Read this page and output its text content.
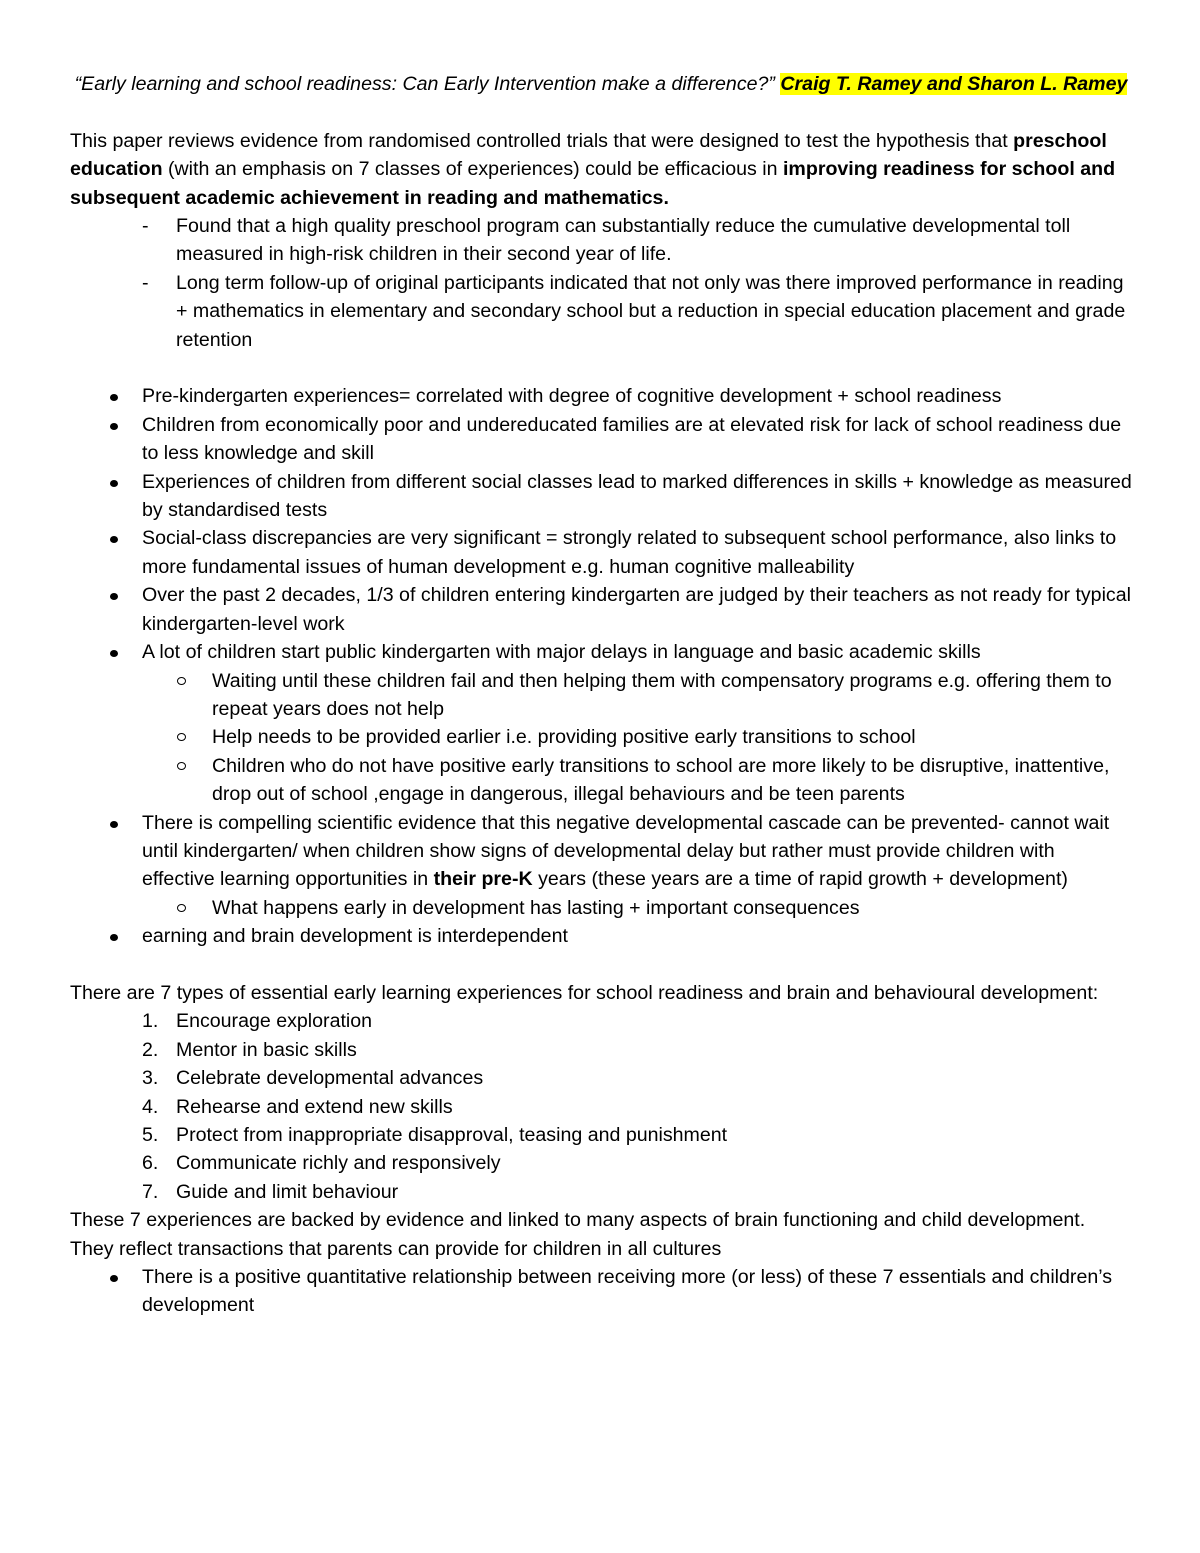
“Early learning and school readiness: Can Early Intervention make a difference?” Craig T. Ramey and Sharon L. Ramey

This paper reviews evidence from randomised controlled trials that were designed to test the hypothesis that preschool education (with an emphasis on 7 classes of experiences) could be efficacious in improving readiness for school and subsequent academic achievement in reading and mathematics.

- Found that a high quality preschool program can substantially reduce the cumulative developmental toll measured in high-risk children in their second year of life.
- Long term follow-up of original participants indicated that not only was there improved performance in reading + mathematics in elementary and secondary school but a reduction in special education placement and grade retention
Pre-kindergarten experiences= correlated with degree of cognitive development + school readiness
Children from economically poor and undereducated families are at elevated risk for lack of school readiness due to less knowledge and skill
Experiences of children from different social classes lead to marked differences in skills + knowledge as measured by standardised tests
Social-class discrepancies are very significant = strongly related to subsequent school performance, also links to more fundamental issues of human development e.g. human cognitive malleability
Over the past 2 decades, 1/3 of children entering kindergarten are judged by their teachers as not ready for typical kindergarten-level work
A lot of children start public kindergarten with major delays in language and basic academic skills
Waiting until these children fail and then helping them with compensatory programs e.g. offering them to repeat years does not help
Help needs to be provided earlier i.e. providing positive early transitions to school
Children who do not have positive early transitions to school are more likely to be disruptive, inattentive, drop out of school ,engage in dangerous, illegal behaviours and be teen parents
There is compelling scientific evidence that this negative developmental cascade can be prevented- cannot wait until kindergarten/ when children show signs of developmental delay but rather must provide children with effective learning opportunities in their pre-K years (these years are a time of rapid growth + development)
What happens early in development has lasting + important consequences
earning and brain development is interdependent

There are 7 types of essential early learning experiences for school readiness and brain and behavioural development:

1. Encourage exploration
2. Mentor in basic skills
3. Celebrate developmental advances
4. Rehearse and extend new skills
5. Protect from inappropriate disapproval, teasing and punishment
6. Communicate richly and responsively
7. Guide and limit behaviour

These 7 experiences are backed by evidence and linked to many aspects of brain functioning and child development. They reflect transactions that parents can provide for children in all cultures

There is a positive quantitative relationship between receiving more (or less) of these 7 essentials and children’s development
